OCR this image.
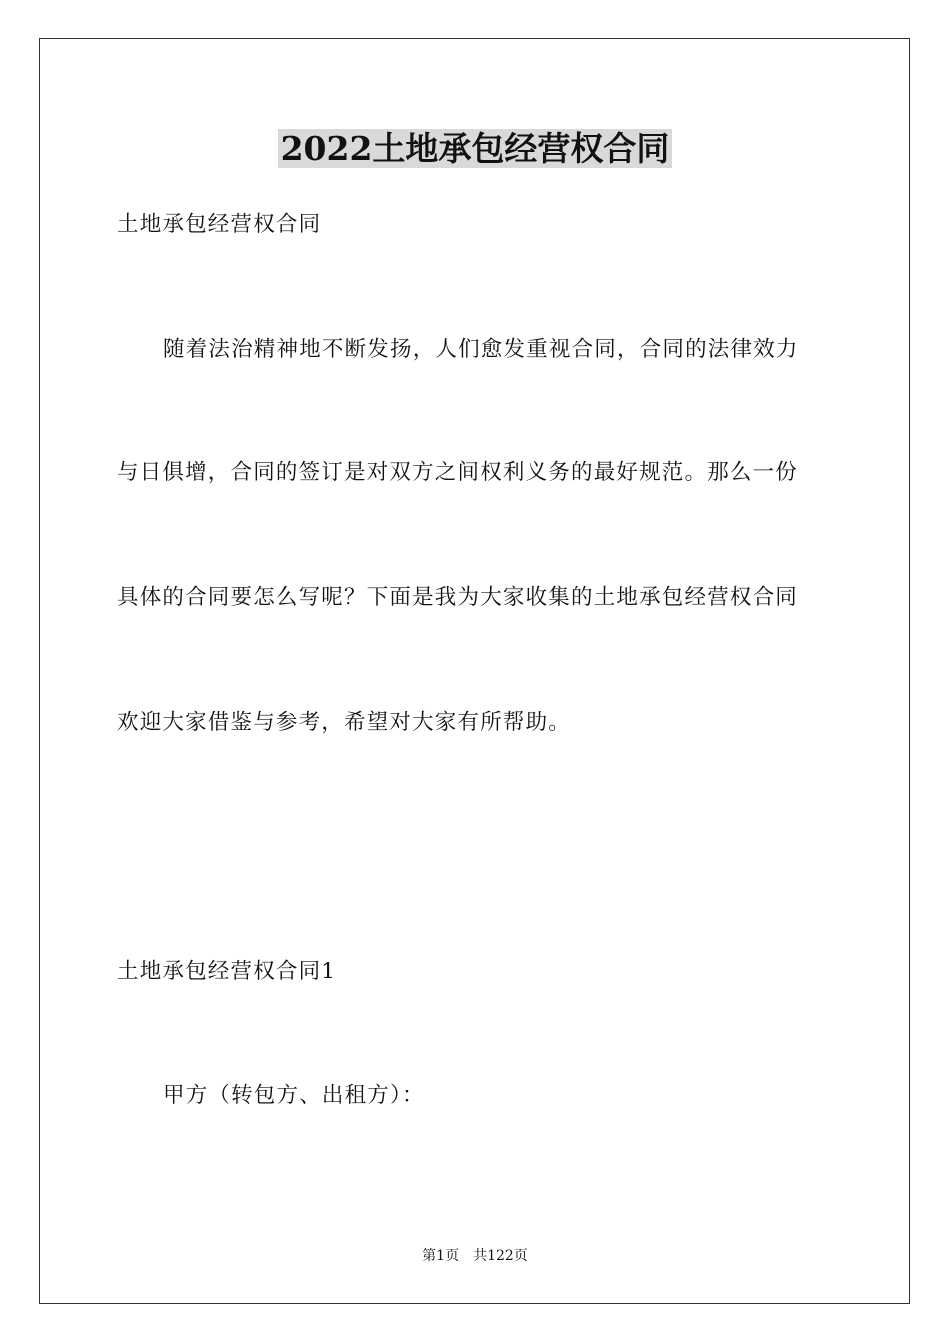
2022土地承包经营权合同
土地承包经营权合同
随着法治精神地不断发扬，人们愈发重视合同，合同的法律效力
与日俱增，合同的签订是对双方之间权利义务的最好规范。那么一份
具体的合同要怎么写呢？下面是我为大家收集的土地承包经营权合同
欢迎大家借鉴与参考，希望对大家有所帮助。
土地承包经营权合同1
甲方（转包方、出租方）：
第1页　共122页
